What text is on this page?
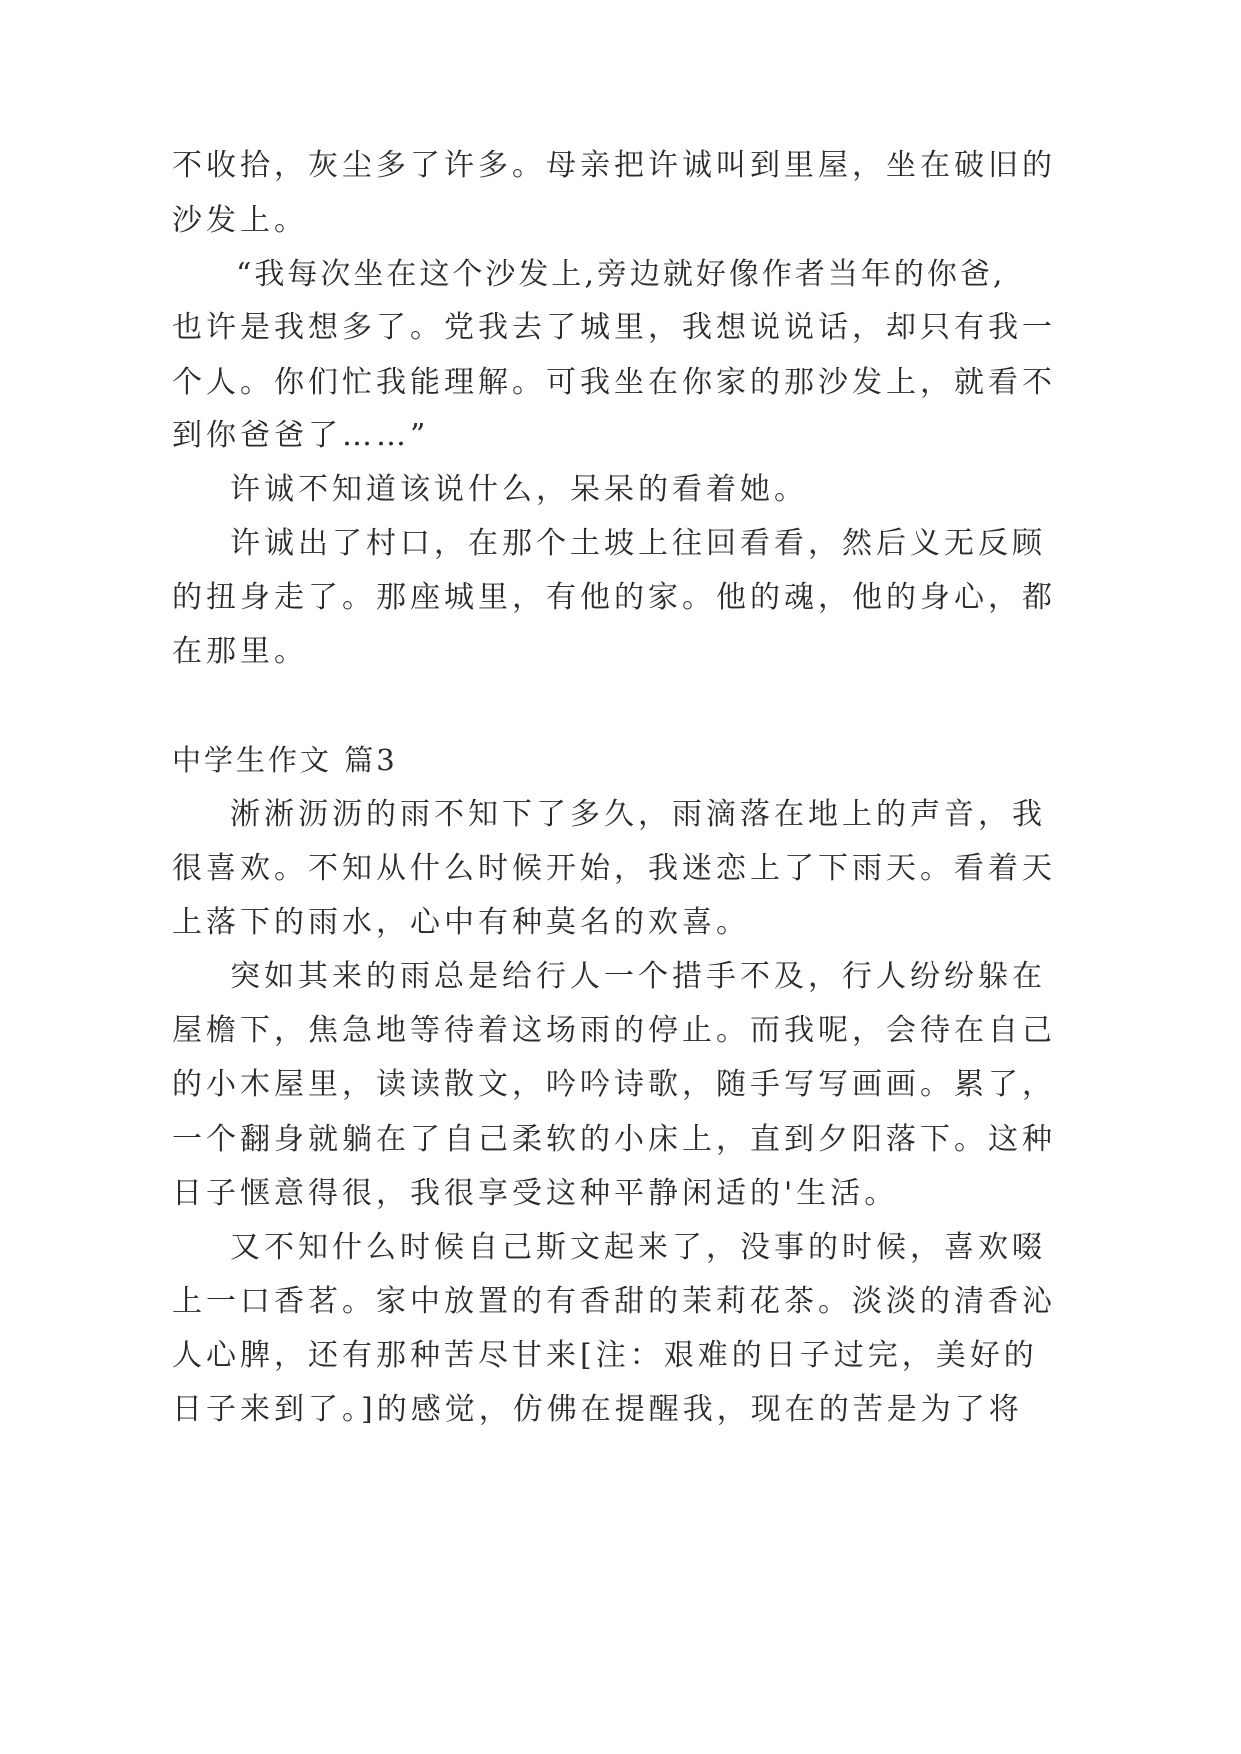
不收拾，灰尘多了许多。母亲把许诚叫到里屋，坐在破旧的

沙发上。

“我每次坐在这个沙发上,旁边就好像作者当年的你爸,

也许是我想多了。党我去了城里，我想说说话，却只有我一

个人。你们忙我能理解。可我坐在你家的那沙发上，就看不

到你爸爸了……”

许诚不知道该说什么，呆呆的看着她。

许诚出了村口，在那个土坡上往回看看，然后义无反顾

的扭身走了。那座城里，有他的家。他的魂，他的身心，都

在那里。

中学生作文 篇3

淅淅沥沥的雨不知下了多久，雨滴落在地上的声音，我

很喜欢。不知从什么时候开始，我迷恋上了下雨天。看着天

上落下的雨水，心中有种莫名的欢喜。

突如其来的雨总是给行人一个措手不及，行人纷纷躲在

屋檐下，焦急地等待着这场雨的停止。而我呢，会待在自己

的小木屋里，读读散文，吟吟诗歌，随手写写画画。累了，

一个翻身就躺在了自己柔软的小床上，直到夕阳落下。这种

日子惬意得很，我很享受这种平静闲适的'生活。

又不知什么时候自己斯文起来了，没事的时候，喜欢啜

上一口香茗。家中放置的有香甜的茉莉花茶。淡淡的清香沁

人心脾，还有那种苦尽甘来[注：艰难的日子过完，美好的

日子来到了。]的感觉，仿佛在提醒我，现在的苦是为了将
